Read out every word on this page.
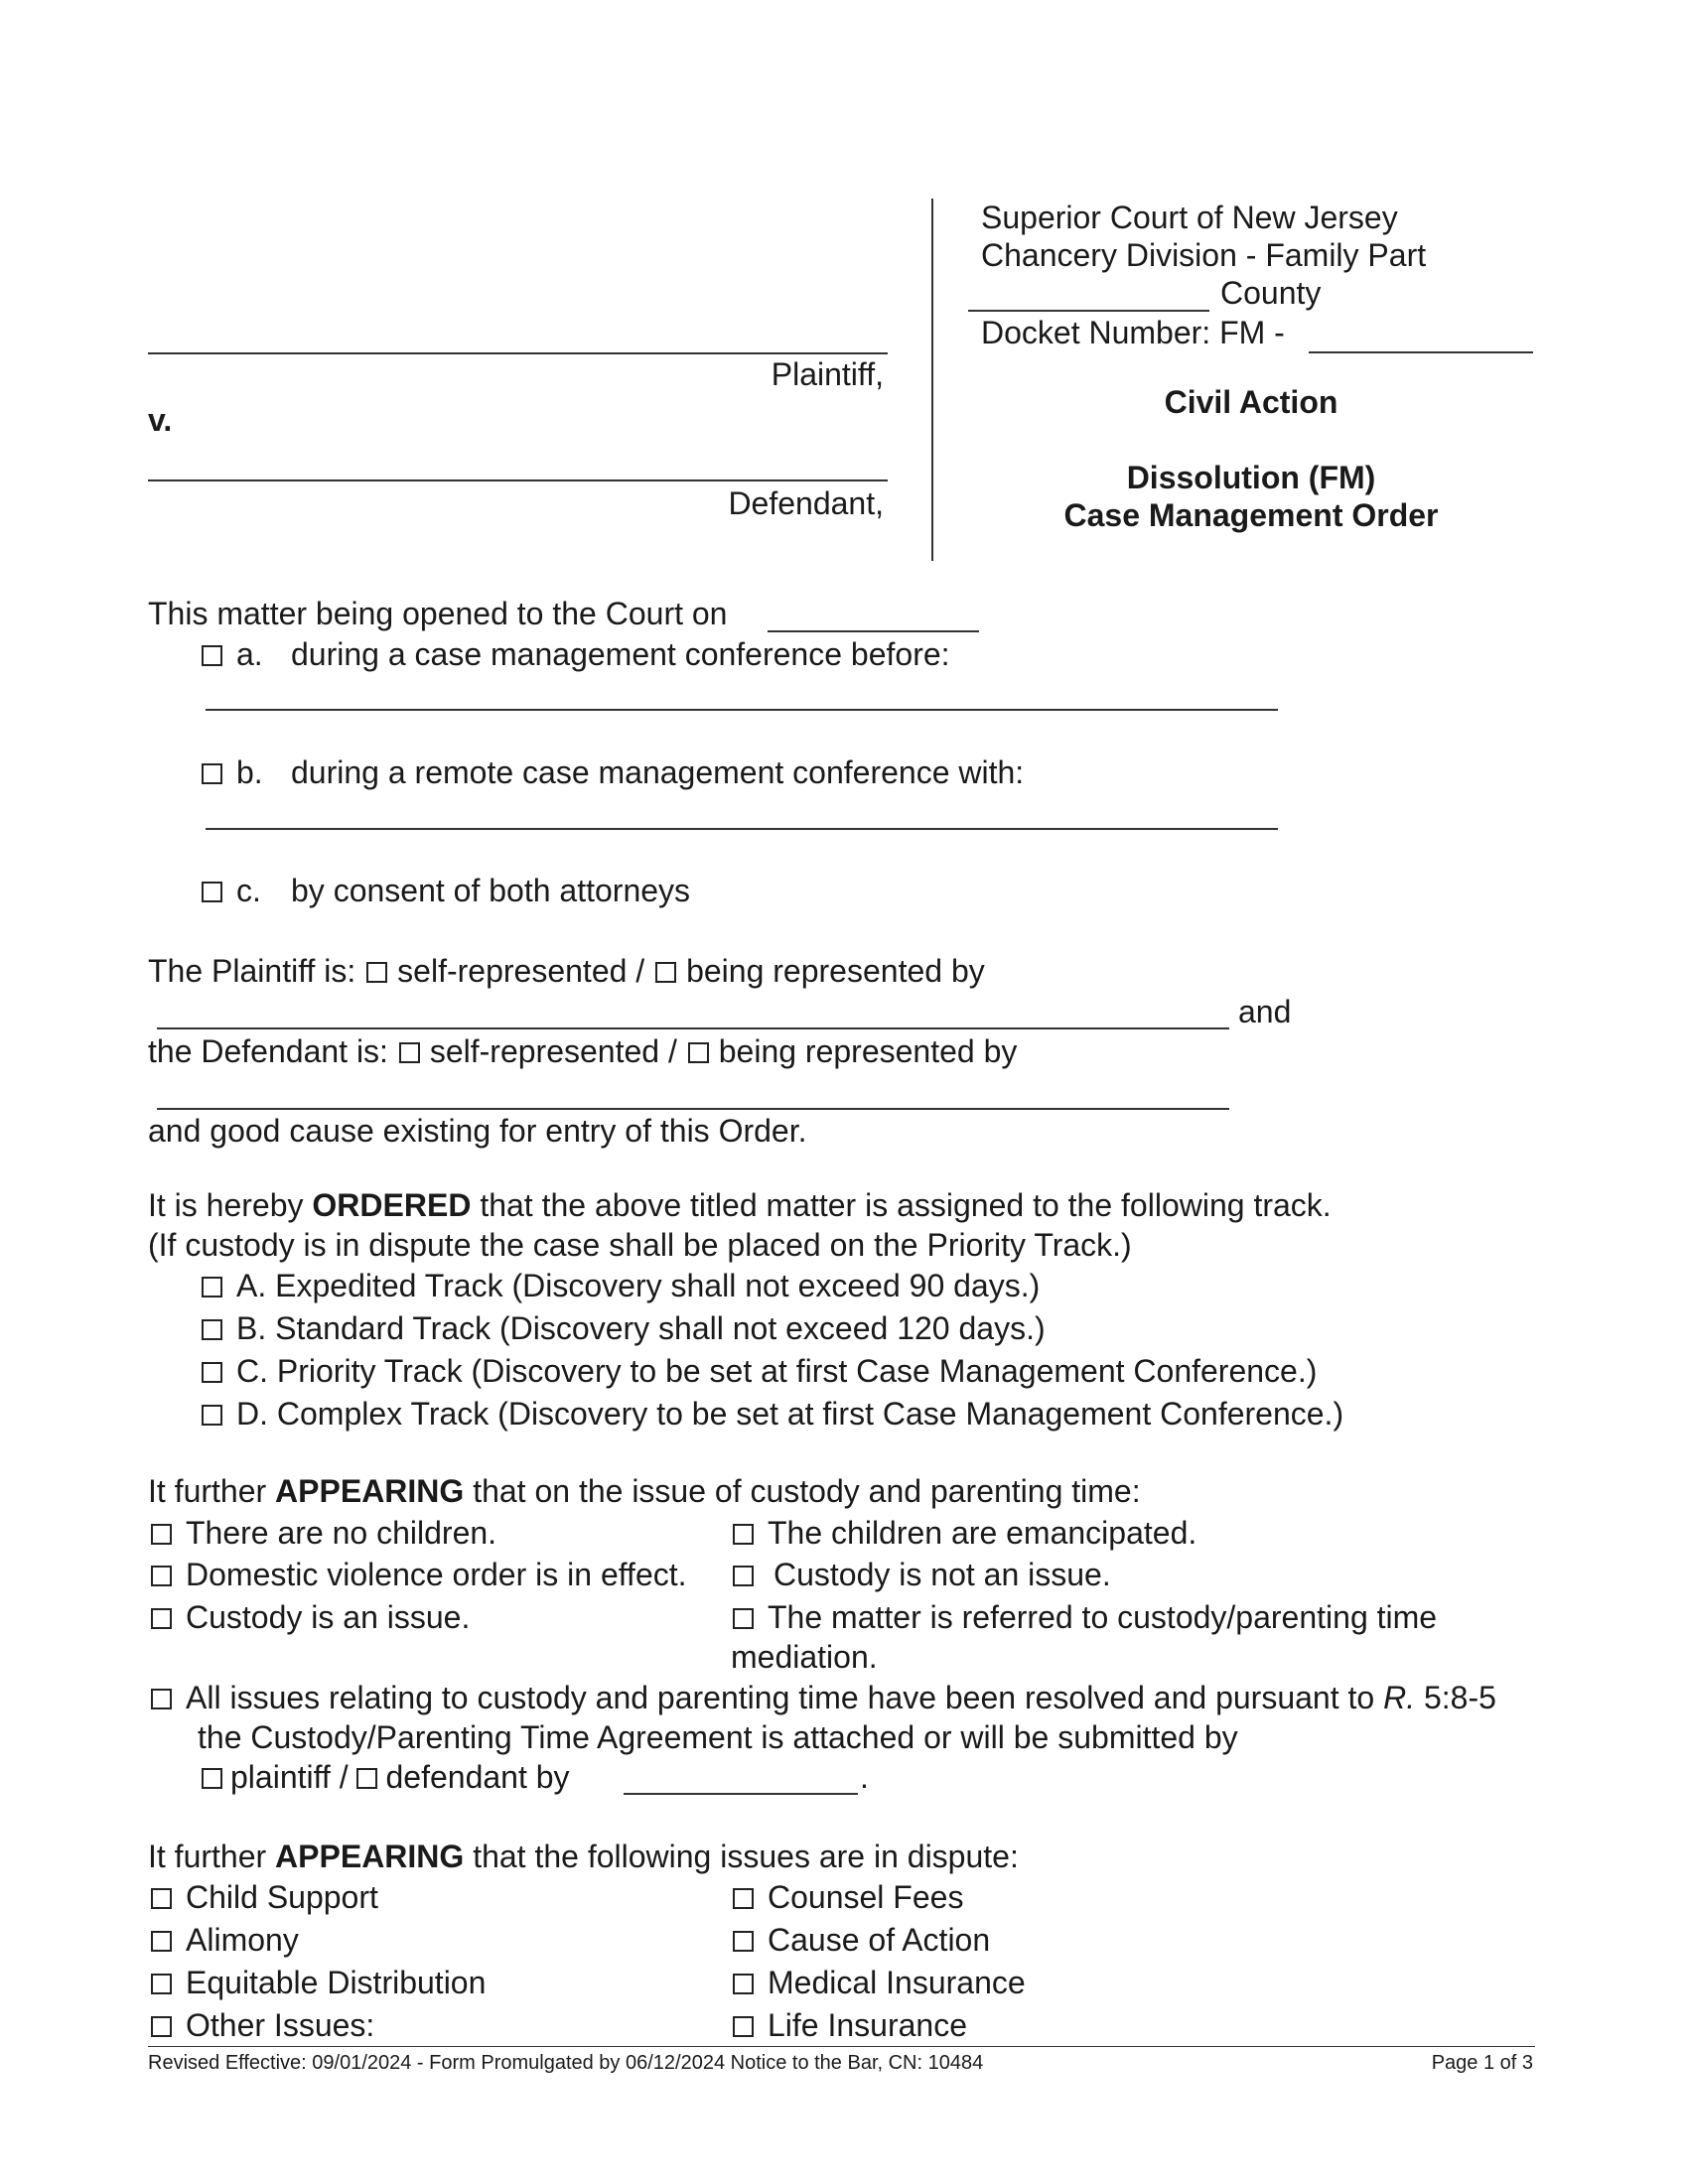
Superior Court of New Jersey
Chancery Division - Family Part
County
Docket Number: FM -
Plaintiff,
v.
Defendant,
Civil Action
Dissolution (FM)
Case Management Order
This matter being opened to the Court on
a. during a case management conference before:
b. during a remote case management conference with:
c. by consent of both attorneys
The Plaintiff is: self-represented / being represented by
and
the Defendant is: self-represented / being represented by
and good cause existing for entry of this Order.
It is hereby ORDERED that the above titled matter is assigned to the following track.
(If custody is in dispute the case shall be placed on the Priority Track.)
A. Expedited Track (Discovery shall not exceed 90 days.)
B. Standard Track (Discovery shall not exceed 120 days.)
C. Priority Track (Discovery to be set at first Case Management Conference.)
D. Complex Track (Discovery to be set at first Case Management Conference.)
It further APPEARING that on the issue of custody and parenting time:
There are no children.
Domestic violence order is in effect.
Custody is an issue.
The children are emancipated.
Custody is not an issue.
The matter is referred to custody/parenting time
mediation.
All issues relating to custody and parenting time have been resolved and pursuant to R. 5:8-5
the Custody/Parenting Time Agreement is attached or will be submitted by
plaintiff / defendant by	.
It further APPEARING that the following issues are in dispute:
Child Support
Alimony
Equitable Distribution
Other Issues:
Counsel Fees
Cause of Action
Medical Insurance
Life Insurance
Revised Effective: 09/01/2024 - Form Promulgated by 06/12/2024 Notice to the Bar, CN: 10484	Page 1 of 3
